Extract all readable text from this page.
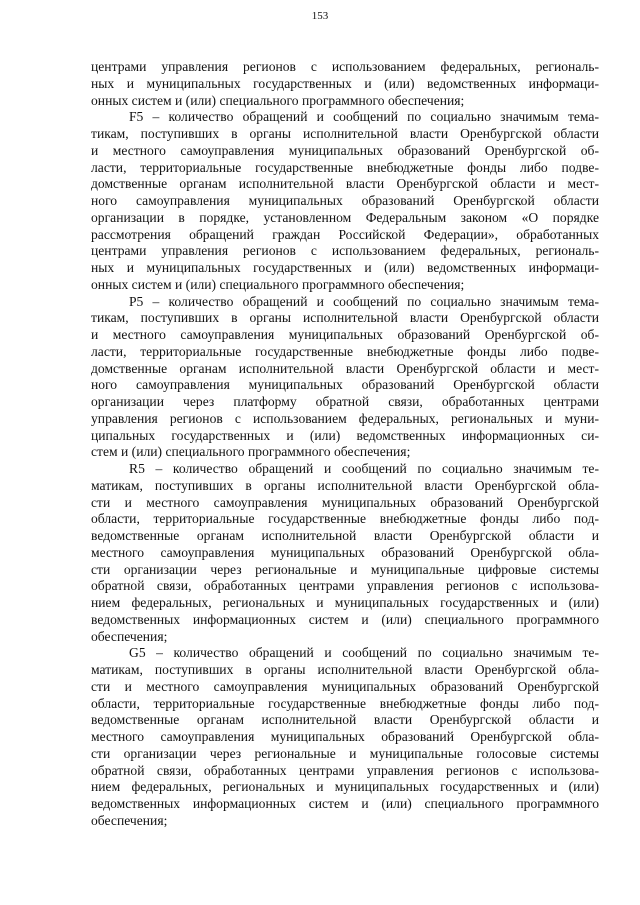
153
центрами управления регионов с использованием федеральных, региональ-
ных и муниципальных государственных и (или) ведомственных информаци-
онных систем и (или) специального программного обеспечения;
F5 – количество обращений и сообщений по социально значимым тема-
тикам, поступивших в органы исполнительной власти Оренбургской области
и местного самоуправления муниципальных образований Оренбургской об-
ласти, территориальные государственные внебюджетные фонды либо подве-
домственные органам исполнительной власти Оренбургской области и мест-
ного самоуправления муниципальных образований Оренбургской области
организации в порядке, установленном Федеральным законом «О порядке
рассмотрения обращений граждан Российской Федерации», обработанных
центрами управления регионов с использованием федеральных, региональ-
ных и муниципальных государственных и (или) ведомственных информаци-
онных систем и (или) специального программного обеспечения;
P5 – количество обращений и сообщений по социально значимым тема-
тикам, поступивших в органы исполнительной власти Оренбургской области
и местного самоуправления муниципальных образований Оренбургской об-
ласти, территориальные государственные внебюджетные фонды либо подве-
домственные органам исполнительной власти Оренбургской области и мест-
ного самоуправления муниципальных образований Оренбургской области
организации через платформу обратной связи, обработанных центрами
управления регионов с использованием федеральных, региональных и муни-
ципальных государственных и (или) ведомственных информационных си-
стем и (или) специального программного обеспечения;
R5 – количество обращений и сообщений по социально значимым те-
матикам, поступивших в органы исполнительной власти Оренбургской обла-
сти и местного самоуправления муниципальных образований Оренбургской
области, территориальные государственные внебюджетные фонды либо под-
ведомственные органам исполнительной власти Оренбургской области и
местного самоуправления муниципальных образований Оренбургской обла-
сти организации через региональные и муниципальные цифровые системы
обратной связи, обработанных центрами управления регионов с использова-
нием федеральных, региональных и муниципальных государственных и (или)
ведомственных информационных систем и (или) специального программного
обеспечения;
G5 – количество обращений и сообщений по социально значимым те-
матикам, поступивших в органы исполнительной власти Оренбургской обла-
сти и местного самоуправления муниципальных образований Оренбургской
области, территориальные государственные внебюджетные фонды либо под-
ведомственные органам исполнительной власти Оренбургской области и
местного самоуправления муниципальных образований Оренбургской обла-
сти организации через региональные и муниципальные голосовые системы
обратной связи, обработанных центрами управления регионов с использова-
нием федеральных, региональных и муниципальных государственных и (или)
ведомственных информационных систем и (или) специального программного
обеспечения;
